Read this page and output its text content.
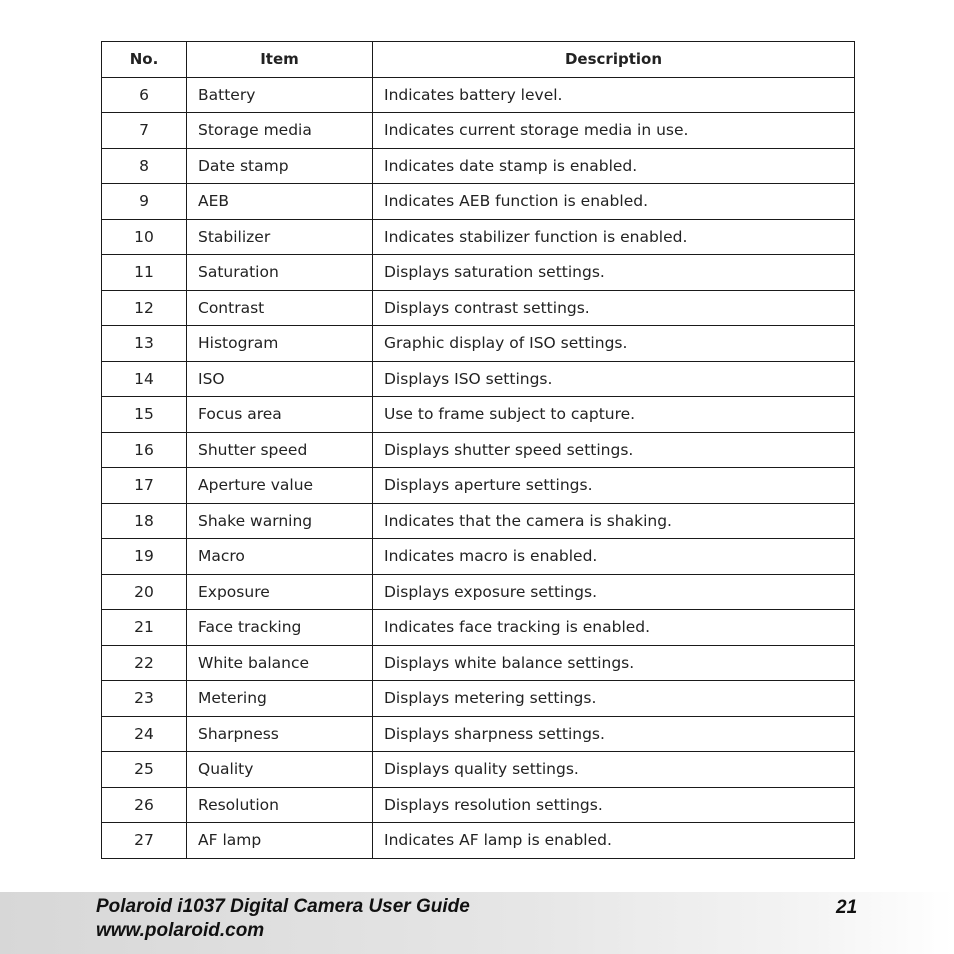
No.	Item	Description
6	Battery	Indicates battery level.
7	Storage media	Indicates current storage media in use.
8	Date stamp	Indicates date stamp is enabled.
9	AEB	Indicates AEB function is enabled.
10	Stabilizer	Indicates stabilizer function is enabled.
11	Saturation	Displays saturation settings.
12	Contrast	Displays contrast settings.
13	Histogram	Graphic display of ISO settings.
14	ISO	Displays ISO settings.
15	Focus area	Use to frame subject to capture.
16	Shutter speed	Displays shutter speed settings.
17	Aperture value	Displays aperture settings.
18	Shake warning	Indicates that the camera is shaking.
19	Macro	Indicates macro is enabled.
20	Exposure	Displays exposure settings.
21	Face tracking	Indicates face tracking is enabled.
22	White balance	Displays white balance settings.
23	Metering	Displays metering settings.
24	Sharpness	Displays sharpness settings.
25	Quality	Displays quality settings.
26	Resolution	Displays resolution settings.
27	AF lamp	Indicates AF lamp is enabled.
Polaroid i1037 Digital Camera User Guide
www.polaroid.com
21
